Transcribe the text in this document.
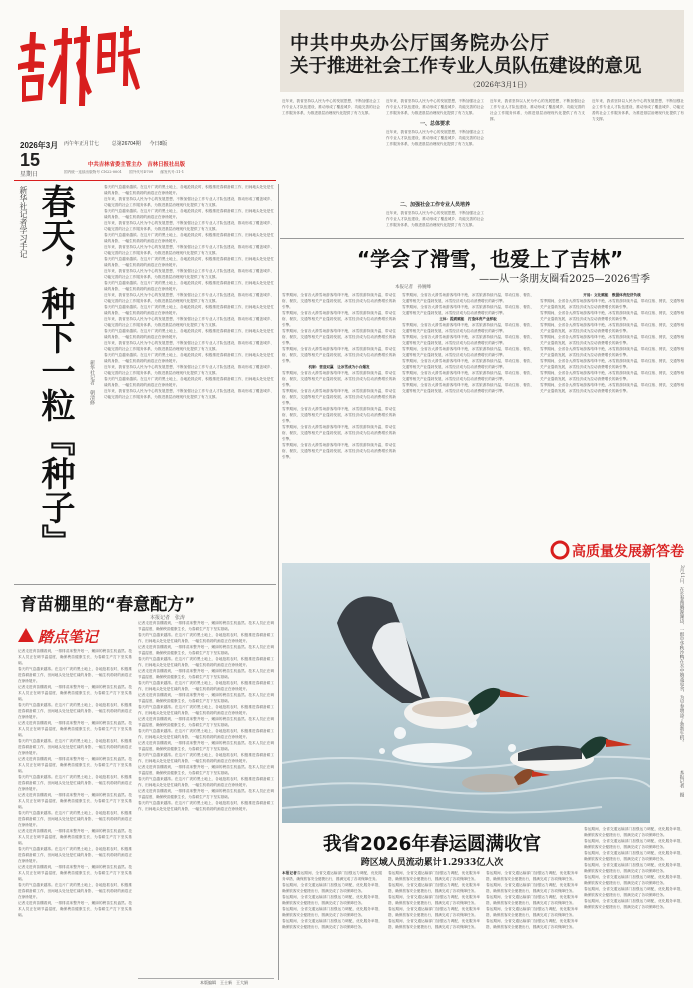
2026年3月
15
星期日
丙午年正月廿七	总第26704期 今日8版
中共吉林省委主管主办　吉林日报社出版
国内统一连续出版物号 CN22-0001　　国外代号D709　　邮发代号:11-1
中共中央办公厅国务院办公厅
关于推进社会工作专业人员队伍建设的意见
（2026年3月1日）
近年来，我省坚持以人民为中心的发展思想，不断加强社会工作专业人才队伍建设，推动形成了覆盖城乡、功能完善的社会工作服务体系，为推进基层治理现代化提供了有力支撑。
近年来，我省坚持以人民为中心的发展思想，不断加强社会工作专业人才队伍建设，推动形成了覆盖城乡、功能完善的社会工作服务体系，为推进基层治理现代化提供了有力支撑。
一、总体要求
近年来，我省坚持以人民为中心的发展思想，不断加强社会工作专业人才队伍建设，推动形成了覆盖城乡、功能完善的社会工作服务体系，为推进基层治理现代化提供了有力支撑。
二、加强社会工作专业人员培养
近年来，我省坚持以人民为中心的发展思想，不断加强社会工作专业人才队伍建设，推动形成了覆盖城乡、功能完善的社会工作服务体系，为推进基层治理现代化提供了有力支撑。
近年来，我省坚持以人民为中心的发展思想，不断加强社会工作专业人才队伍建设，推动形成了覆盖城乡、功能完善的社会工作服务体系，为推进基层治理现代化提供了有力支撑。
近年来，我省坚持以人民为中心的发展思想，不断加强社会工作专业人才队伍建设，推动形成了覆盖城乡、功能完善的社会工作服务体系，为推进基层治理现代化提供了有力支撑。
新华社记者学习手记 春天，种下一粒『种子』	新华社记者　朝清修
春天的气息越来越浓。在这片广袤的黑土地上，各地抢抓农时，积极推进春耕备耕工作，田间地头处处是忙碌的身影，一幅生机勃勃的画卷正在徐徐展开。
近年来，我省坚持以人民为中心的发展思想，不断加强社会工作专业人才队伍建设，推动形成了覆盖城乡、功能完善的社会工作服务体系，为推进基层治理现代化提供了有力支撑。
春天的气息越来越浓。在这片广袤的黑土地上，各地抢抓农时，积极推进春耕备耕工作，田间地头处处是忙碌的身影，一幅生机勃勃的画卷正在徐徐展开。
近年来，我省坚持以人民为中心的发展思想，不断加强社会工作专业人才队伍建设，推动形成了覆盖城乡、功能完善的社会工作服务体系，为推进基层治理现代化提供了有力支撑。
春天的气息越来越浓。在这片广袤的黑土地上，各地抢抓农时，积极推进春耕备耕工作，田间地头处处是忙碌的身影，一幅生机勃勃的画卷正在徐徐展开。
近年来，我省坚持以人民为中心的发展思想，不断加强社会工作专业人才队伍建设，推动形成了覆盖城乡、功能完善的社会工作服务体系，为推进基层治理现代化提供了有力支撑。
春天的气息越来越浓。在这片广袤的黑土地上，各地抢抓农时，积极推进春耕备耕工作，田间地头处处是忙碌的身影，一幅生机勃勃的画卷正在徐徐展开。
近年来，我省坚持以人民为中心的发展思想，不断加强社会工作专业人才队伍建设，推动形成了覆盖城乡、功能完善的社会工作服务体系，为推进基层治理现代化提供了有力支撑。
春天的气息越来越浓。在这片广袤的黑土地上，各地抢抓农时，积极推进春耕备耕工作，田间地头处处是忙碌的身影，一幅生机勃勃的画卷正在徐徐展开。
近年来，我省坚持以人民为中心的发展思想，不断加强社会工作专业人才队伍建设，推动形成了覆盖城乡、功能完善的社会工作服务体系，为推进基层治理现代化提供了有力支撑。
春天的气息越来越浓。在这片广袤的黑土地上，各地抢抓农时，积极推进春耕备耕工作，田间地头处处是忙碌的身影，一幅生机勃勃的画卷正在徐徐展开。
近年来，我省坚持以人民为中心的发展思想，不断加强社会工作专业人才队伍建设，推动形成了覆盖城乡、功能完善的社会工作服务体系，为推进基层治理现代化提供了有力支撑。
春天的气息越来越浓。在这片广袤的黑土地上，各地抢抓农时，积极推进春耕备耕工作，田间地头处处是忙碌的身影，一幅生机勃勃的画卷正在徐徐展开。
近年来，我省坚持以人民为中心的发展思想，不断加强社会工作专业人才队伍建设，推动形成了覆盖城乡、功能完善的社会工作服务体系，为推进基层治理现代化提供了有力支撑。
春天的气息越来越浓。在这片广袤的黑土地上，各地抢抓农时，积极推进春耕备耕工作，田间地头处处是忙碌的身影，一幅生机勃勃的画卷正在徐徐展开。
近年来，我省坚持以人民为中心的发展思想，不断加强社会工作专业人才队伍建设，推动形成了覆盖城乡、功能完善的社会工作服务体系，为推进基层治理现代化提供了有力支撑。
春天的气息越来越浓。在这片广袤的黑土地上，各地抢抓农时，积极推进春耕备耕工作，田间地头处处是忙碌的身影，一幅生机勃勃的画卷正在徐徐展开。
近年来，我省坚持以人民为中心的发展思想，不断加强社会工作专业人才队伍建设，推动形成了覆盖城乡、功能完善的社会工作服务体系，为推进基层治理现代化提供了有力支撑。
育苗棚里的“春意配方”
本报记者　张涛
踏点笔记
记者走进育苗棚看到，一排排苗床整齐划一，嫩绿的秧苗生机盎然。技术人员正在调节温湿度，确保秧苗健康生长，为春耕生产打下坚实基础。
春天的气息越来越浓。在这片广袤的黑土地上，各地抢抓农时，积极推进春耕备耕工作，田间地头处处是忙碌的身影，一幅生机勃勃的画卷正在徐徐展开。
记者走进育苗棚看到，一排排苗床整齐划一，嫩绿的秧苗生机盎然。技术人员正在调节温湿度，确保秧苗健康生长，为春耕生产打下坚实基础。
春天的气息越来越浓。在这片广袤的黑土地上，各地抢抓农时，积极推进春耕备耕工作，田间地头处处是忙碌的身影，一幅生机勃勃的画卷正在徐徐展开。
记者走进育苗棚看到，一排排苗床整齐划一，嫩绿的秧苗生机盎然。技术人员正在调节温湿度，确保秧苗健康生长，为春耕生产打下坚实基础。
春天的气息越来越浓。在这片广袤的黑土地上，各地抢抓农时，积极推进春耕备耕工作，田间地头处处是忙碌的身影，一幅生机勃勃的画卷正在徐徐展开。
记者走进育苗棚看到，一排排苗床整齐划一，嫩绿的秧苗生机盎然。技术人员正在调节温湿度，确保秧苗健康生长，为春耕生产打下坚实基础。
春天的气息越来越浓。在这片广袤的黑土地上，各地抢抓农时，积极推进春耕备耕工作，田间地头处处是忙碌的身影，一幅生机勃勃的画卷正在徐徐展开。
记者走进育苗棚看到，一排排苗床整齐划一，嫩绿的秧苗生机盎然。技术人员正在调节温湿度，确保秧苗健康生长，为春耕生产打下坚实基础。
春天的气息越来越浓。在这片广袤的黑土地上，各地抢抓农时，积极推进春耕备耕工作，田间地头处处是忙碌的身影，一幅生机勃勃的画卷正在徐徐展开。
记者走进育苗棚看到，一排排苗床整齐划一，嫩绿的秧苗生机盎然。技术人员正在调节温湿度，确保秧苗健康生长，为春耕生产打下坚实基础。
春天的气息越来越浓。在这片广袤的黑土地上，各地抢抓农时，积极推进春耕备耕工作，田间地头处处是忙碌的身影，一幅生机勃勃的画卷正在徐徐展开。
记者走进育苗棚看到，一排排苗床整齐划一，嫩绿的秧苗生机盎然。技术人员正在调节温湿度，确保秧苗健康生长，为春耕生产打下坚实基础。
春天的气息越来越浓。在这片广袤的黑土地上，各地抢抓农时，积极推进春耕备耕工作，田间地头处处是忙碌的身影，一幅生机勃勃的画卷正在徐徐展开。
记者走进育苗棚看到，一排排苗床整齐划一，嫩绿的秧苗生机盎然。技术人员正在调节温湿度，确保秧苗健康生长，为春耕生产打下坚实基础。
记者走进育苗棚看到，一排排苗床整齐划一，嫩绿的秧苗生机盎然。技术人员正在调节温湿度，确保秧苗健康生长，为春耕生产打下坚实基础。
春天的气息越来越浓。在这片广袤的黑土地上，各地抢抓农时，积极推进春耕备耕工作，田间地头处处是忙碌的身影，一幅生机勃勃的画卷正在徐徐展开。
记者走进育苗棚看到，一排排苗床整齐划一，嫩绿的秧苗生机盎然。技术人员正在调节温湿度，确保秧苗健康生长，为春耕生产打下坚实基础。
春天的气息越来越浓。在这片广袤的黑土地上，各地抢抓农时，积极推进春耕备耕工作，田间地头处处是忙碌的身影，一幅生机勃勃的画卷正在徐徐展开。
记者走进育苗棚看到，一排排苗床整齐划一，嫩绿的秧苗生机盎然。技术人员正在调节温湿度，确保秧苗健康生长，为春耕生产打下坚实基础。
春天的气息越来越浓。在这片广袤的黑土地上，各地抢抓农时，积极推进春耕备耕工作，田间地头处处是忙碌的身影，一幅生机勃勃的画卷正在徐徐展开。
记者走进育苗棚看到，一排排苗床整齐划一，嫩绿的秧苗生机盎然。技术人员正在调节温湿度，确保秧苗健康生长，为春耕生产打下坚实基础。
春天的气息越来越浓。在这片广袤的黑土地上，各地抢抓农时，积极推进春耕备耕工作，田间地头处处是忙碌的身影，一幅生机勃勃的画卷正在徐徐展开。
记者走进育苗棚看到，一排排苗床整齐划一，嫩绿的秧苗生机盎然。技术人员正在调节温湿度，确保秧苗健康生长，为春耕生产打下坚实基础。
春天的气息越来越浓。在这片广袤的黑土地上，各地抢抓农时，积极推进春耕备耕工作，田间地头处处是忙碌的身影，一幅生机勃勃的画卷正在徐徐展开。
记者走进育苗棚看到，一排排苗床整齐划一，嫩绿的秧苗生机盎然。技术人员正在调节温湿度，确保秧苗健康生长，为春耕生产打下坚实基础。
春天的气息越来越浓。在这片广袤的黑土地上，各地抢抓农时，积极推进春耕备耕工作，田间地头处处是忙碌的身影，一幅生机勃勃的画卷正在徐徐展开。
记者走进育苗棚看到，一排排苗床整齐划一，嫩绿的秧苗生机盎然。技术人员正在调节温湿度，确保秧苗健康生长，为春耕生产打下坚实基础。
春天的气息越来越浓。在这片广袤的黑土地上，各地抢抓农时，积极推进春耕备耕工作，田间地头处处是忙碌的身影，一幅生机勃勃的画卷正在徐徐展开。
记者走进育苗棚看到，一排排苗床整齐划一，嫩绿的秧苗生机盎然。技术人员正在调节温湿度，确保秧苗健康生长，为春耕生产打下坚实基础。
春天的气息越来越浓。在这片广袤的黑土地上，各地抢抓农时，积极推进春耕备耕工作，田间地头处处是忙碌的身影，一幅生机勃勃的画卷正在徐徐展开。
本版编辑　王士新　王大娟
“学会了滑雪，也爱上了吉林”
——从一条朋友圈看2025—2026雪季
本报记者　孙婉峰
雪季期间，全省各大滑雪场游客络绎不绝，冰雪旅游持续升温，带动住宿、餐饮、交通等相关产业蓬勃发展，冰雪经济成为拉动消费增长的新引擎。
雪季期间，全省各大滑雪场游客络绎不绝，冰雪旅游持续升温，带动住宿、餐饮、交通等相关产业蓬勃发展，冰雪经济成为拉动消费增长的新引擎。
雪季期间，全省各大滑雪场游客络绎不绝，冰雪旅游持续升温，带动住宿、餐饮、交通等相关产业蓬勃发展，冰雪经济成为拉动消费增长的新引擎。
雪季期间，全省各大滑雪场游客络绎不绝，冰雪旅游持续升温，带动住宿、餐饮、交通等相关产业蓬勃发展，冰雪经济成为拉动消费增长的新引擎。
机制：营造双赢　让冰雪成为小白爆发
雪季期间，全省各大滑雪场游客络绎不绝，冰雪旅游持续升温，带动住宿、餐饮、交通等相关产业蓬勃发展，冰雪经济成为拉动消费增长的新引擎。
雪季期间，全省各大滑雪场游客络绎不绝，冰雪旅游持续升温，带动住宿、餐饮、交通等相关产业蓬勃发展，冰雪经济成为拉动消费增长的新引擎。
雪季期间，全省各大滑雪场游客络绎不绝，冰雪旅游持续升温，带动住宿、餐饮、交通等相关产业蓬勃发展，冰雪经济成为拉动消费增长的新引擎。
雪季期间，全省各大滑雪场游客络绎不绝，冰雪旅游持续升温，带动住宿、餐饮、交通等相关产业蓬勃发展，冰雪经济成为拉动消费增长的新引擎。
雪季期间，全省各大滑雪场游客络绎不绝，冰雪旅游持续升温，带动住宿、餐饮、交通等相关产业蓬勃发展，冰雪经济成为拉动消费增长的新引擎。
雪季期间，全省各大滑雪场游客络绎不绝，冰雪旅游持续升温，带动住宿、餐饮、交通等相关产业蓬勃发展，冰雪经济成为拉动消费增长的新引擎。
雪季期间，全省各大滑雪场游客络绎不绝，冰雪旅游持续升温，带动住宿、餐饮、交通等相关产业蓬勃发展，冰雪经济成为拉动消费增长的新引擎。
主体：提质赋能　打造体育产业样板
雪季期间，全省各大滑雪场游客络绎不绝，冰雪旅游持续升温，带动住宿、餐饮、交通等相关产业蓬勃发展，冰雪经济成为拉动消费增长的新引擎。
雪季期间，全省各大滑雪场游客络绎不绝，冰雪旅游持续升温，带动住宿、餐饮、交通等相关产业蓬勃发展，冰雪经济成为拉动消费增长的新引擎。
雪季期间，全省各大滑雪场游客络绎不绝，冰雪旅游持续升温，带动住宿、餐饮、交通等相关产业蓬勃发展，冰雪经济成为拉动消费增长的新引擎。
雪季期间，全省各大滑雪场游客络绎不绝，冰雪旅游持续升温，带动住宿、餐饮、交通等相关产业蓬勃发展，冰雪经济成为拉动消费增长的新引擎。
雪季期间，全省各大滑雪场游客络绎不绝，冰雪旅游持续升温，带动住宿、餐饮、交通等相关产业蓬勃发展，冰雪经济成为拉动消费增长的新引擎。
雪季期间，全省各大滑雪场游客络绎不绝，冰雪旅游持续升温，带动住宿、餐饮、交通等相关产业蓬勃发展，冰雪经济成为拉动消费增长的新引擎。
开局：文化赋能　数据体育经济负核
雪季期间，全省各大滑雪场游客络绎不绝，冰雪旅游持续升温，带动住宿、餐饮、交通等相关产业蓬勃发展，冰雪经济成为拉动消费增长的新引擎。
雪季期间，全省各大滑雪场游客络绎不绝，冰雪旅游持续升温，带动住宿、餐饮、交通等相关产业蓬勃发展，冰雪经济成为拉动消费增长的新引擎。
雪季期间，全省各大滑雪场游客络绎不绝，冰雪旅游持续升温，带动住宿、餐饮、交通等相关产业蓬勃发展，冰雪经济成为拉动消费增长的新引擎。
雪季期间，全省各大滑雪场游客络绎不绝，冰雪旅游持续升温，带动住宿、餐饮、交通等相关产业蓬勃发展，冰雪经济成为拉动消费增长的新引擎。
雪季期间，全省各大滑雪场游客络绎不绝，冰雪旅游持续升温，带动住宿、餐饮、交通等相关产业蓬勃发展，冰雪经济成为拉动消费增长的新引擎。
雪季期间，全省各大滑雪场游客络绎不绝，冰雪旅游持续升温，带动住宿、餐饮、交通等相关产业蓬勃发展，冰雪经济成为拉动消费增长的新引擎。
雪季期间，全省各大滑雪场游客络绎不绝，冰雪旅游持续升温，带动住宿、餐饮、交通等相关产业蓬勃发展，冰雪经济成为拉动消费增长的新引擎。
雪季期间，全省各大滑雪场游客络绎不绝，冰雪旅游持续升温，带动住宿、餐饮、交通等相关产业蓬勃发展，冰雪经济成为拉动消费增长的新引擎。
高质量发展新答卷
3月11日，在长春图腾源湖边，一群中华秋沙鸭在水中嬉戏觅食，为早春增添了勃勃生机。
本报记者　摄
我省2026年春运圆满收官
跨区域人员流动累计1.2933亿人次
本报记者春运期间，全省交通运输部门加强运力调配，优化服务举措，确保旅客安全便捷出行，圆满完成了各项保障任务。
春运期间，全省交通运输部门加强运力调配，优化服务举措，确保旅客安全便捷出行，圆满完成了各项保障任务。
春运期间，全省交通运输部门加强运力调配，优化服务举措，确保旅客安全便捷出行，圆满完成了各项保障任务。
春运期间，全省交通运输部门加强运力调配，优化服务举措，确保旅客安全便捷出行，圆满完成了各项保障任务。
春运期间，全省交通运输部门加强运力调配，优化服务举措，确保旅客安全便捷出行，圆满完成了各项保障任务。
春运期间，全省交通运输部门加强运力调配，优化服务举措，确保旅客安全便捷出行，圆满完成了各项保障任务。
春运期间，全省交通运输部门加强运力调配，优化服务举措，确保旅客安全便捷出行，圆满完成了各项保障任务。
春运期间，全省交通运输部门加强运力调配，优化服务举措，确保旅客安全便捷出行，圆满完成了各项保障任务。
春运期间，全省交通运输部门加强运力调配，优化服务举措，确保旅客安全便捷出行，圆满完成了各项保障任务。
春运期间，全省交通运输部门加强运力调配，优化服务举措，确保旅客安全便捷出行，圆满完成了各项保障任务。
春运期间，全省交通运输部门加强运力调配，优化服务举措，确保旅客安全便捷出行，圆满完成了各项保障任务。
春运期间，全省交通运输部门加强运力调配，优化服务举措，确保旅客安全便捷出行，圆满完成了各项保障任务。
春运期间，全省交通运输部门加强运力调配，优化服务举措，确保旅客安全便捷出行，圆满完成了各项保障任务。
春运期间，全省交通运输部门加强运力调配，优化服务举措，确保旅客安全便捷出行，圆满完成了各项保障任务。
春运期间，全省交通运输部门加强运力调配，优化服务举措，确保旅客安全便捷出行，圆满完成了各项保障任务。
春运期间，全省交通运输部门加强运力调配，优化服务举措，确保旅客安全便捷出行，圆满完成了各项保障任务。
春运期间，全省交通运输部门加强运力调配，优化服务举措，确保旅客安全便捷出行，圆满完成了各项保障任务。
春运期间，全省交通运输部门加强运力调配，优化服务举措，确保旅客安全便捷出行，圆满完成了各项保障任务。
春运期间，全省交通运输部门加强运力调配，优化服务举措，确保旅客安全便捷出行，圆满完成了各项保障任务。
春运期间，全省交通运输部门加强运力调配，优化服务举措，确保旅客安全便捷出行，圆满完成了各项保障任务。
春运期间，全省交通运输部门加强运力调配，优化服务举措，确保旅客安全便捷出行，圆满完成了各项保障任务。
春运期间，全省交通运输部门加强运力调配，优化服务举措，确保旅客安全便捷出行，圆满完成了各项保障任务。
